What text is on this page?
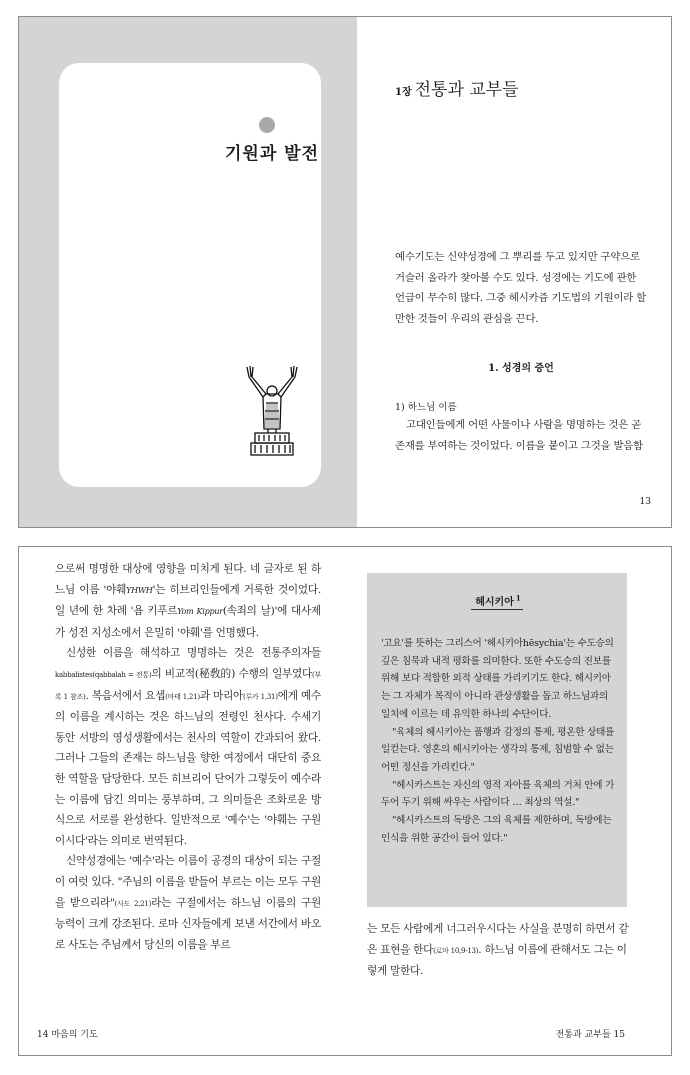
기원과 발전
1장 전통과 교부들
예수기도는 신약성경에 그 뿌리를 두고 있지만 구약으로 거슬러 올라가 찾아볼 수도 있다. 성경에는 기도에 관한 언급이 무수히 많다. 그중 헤시카즘 기도법의 기원이라 할 만한 것들이 우리의 관심을 끈다.
1. 성경의 증언
1) 하느님 이름
고대인들에게 어떤 사물이나 사람을 명명하는 것은 곧 존재를 부여하는 것이었다. 이름을 붙이고 그것을 발음함
13

으로써 명명한 대상에 영향을 미치게 된다. 네 글자로 된 하느님 이름 '야훼YHWH'는 히브리인들에게 거룩한 것이었다. 일 년에 한 차례 '욤 키푸르Yom Kippur(속죄의 날)'에 대사제가 성전 지성소에서 은밀히 '야훼'를 언명했다.

신성한 이름을 해석하고 명명하는 것은 전통주의자들 kabbalistes(qabbalah = 전통)의 비교적(秘敎的) 수행의 일부였다(부록 1 참조). 복음서에서 요셉(마태 1,21)과 마리아(루카 1,31)에게 예수의 이름을 계시하는 것은 하느님의 전령인 천사다. 수세기 동안 서방의 영성생활에서는 천사의 역할이 간과되어 왔다. 그러나 그들의 존재는 하느님을 향한 여정에서 대단히 중요한 역할을 담당한다. 모든 히브리어 단어가 그렇듯이 예수라는 이름에 담긴 의미는 풍부하며, 그 의미들은 조화로운 방식으로 서로를 완성한다. 일반적으로 '예수'는 '야훼는 구원이시다'라는 의미로 번역된다.

신약성경에는 '예수'라는 이름이 공경의 대상이 되는 구절이 여럿 있다. "주님의 이름을 받들어 부르는 이는 모두 구원을 받으리라"(사도 2,21)라는 구절에서는 하느님 이름의 구원 능력이 크게 강조된다. 로마 신자들에게 보낸 서간에서 바오로 사도는 주님께서 당신의 이름을 부르

헤시키아 $^1$

'고요'를 뜻하는 그리스어 '헤시키아hēsychia'는 수도승의 깊은 침묵과 내적 평화를 의미한다. 또한 수도승의 진보를 위해 보다 적합한 외적 상태를 가리키기도 한다. 헤시키아는 그 자체가 목적이 아니라 관상생활을 돕고 하느님과의 일치에 이르는 데 유익한 하나의 수단이다.

"육체의 헤시키아는 품행과 감정의 통제, 평온한 상태를 일컫는다. 영혼의 헤시키아는 생각의 통제, 침범할 수 없는 어떤 정신을 가리킨다."

"헤시카스트는 자신의 영적 자아를 육체의 거처 안에 가두어 두기 위해 싸우는 사람이다 … 최상의 역설."

"헤시카스트의 독방은 그의 육체를 제한하며, 독방에는 인식을 위한 공간이 들어 있다."

는 모든 사람에게 너그러우시다는 사실을 분명히 하면서 같은 표현을 한다(로마 10,9-13). 하느님 이름에 관해서도 그는 이렇게 말한다.
14 마음의 기도	전통과 교부들 15
